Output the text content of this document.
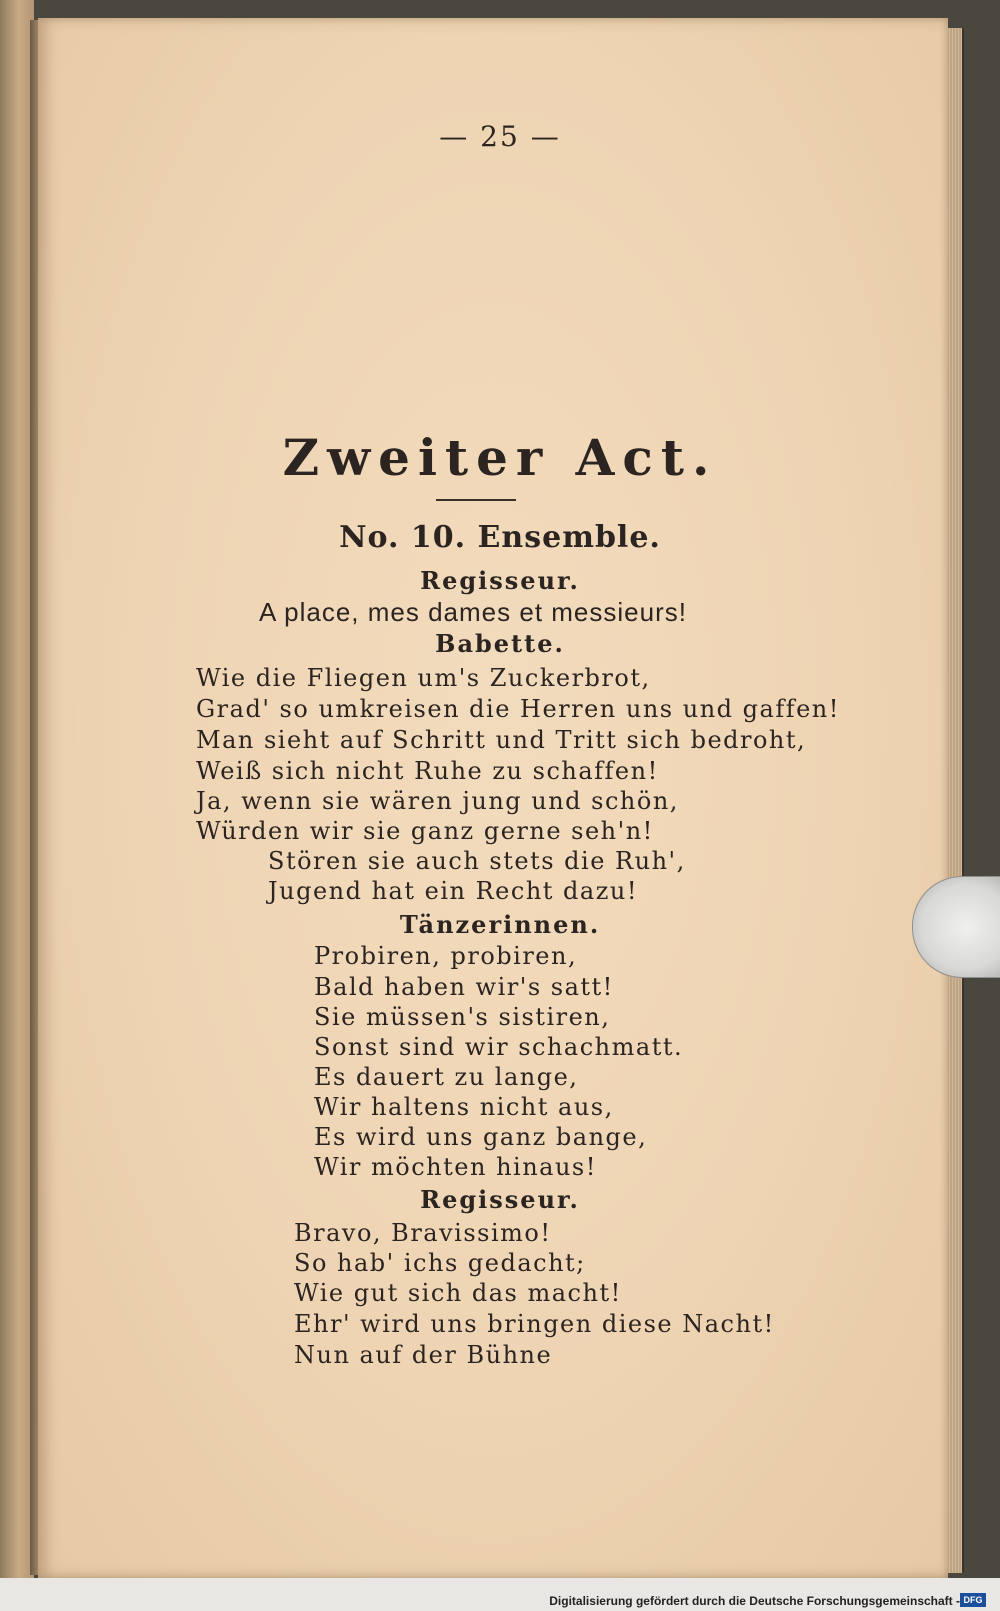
— 25 —
Zweiter Act.
No. 10. Ensemble.
Regisseur.
A place, mes dames et messieurs!
Babette.
Wie die Fliegen um's Zuckerbrot,
Grad' so umkreisen die Herren uns und gaffen!
Man sieht auf Schritt und Tritt sich bedroht,
Weiß sich nicht Ruhe zu schaffen!
Ja, wenn sie wären jung und schön,
Würden wir sie ganz gerne seh'n!
Stören sie auch stets die Ruh',
Jugend hat ein Recht dazu!
Tänzerinnen.
Probiren, probiren,
Bald haben wir's satt!
Sie müssen's sistiren,
Sonst sind wir schachmatt.
Es dauert zu lange,
Wir haltens nicht aus,
Es wird uns ganz bange,
Wir möchten hinaus!
Regisseur.
Bravo, Bravissimo!
So hab' ichs gedacht;
Wie gut sich das macht!
Ehr' wird uns bringen diese Nacht!
Nun auf der Bühne
Digitalisierung gefördert durch die Deutsche Forschungsgemeinschaft - DFG
